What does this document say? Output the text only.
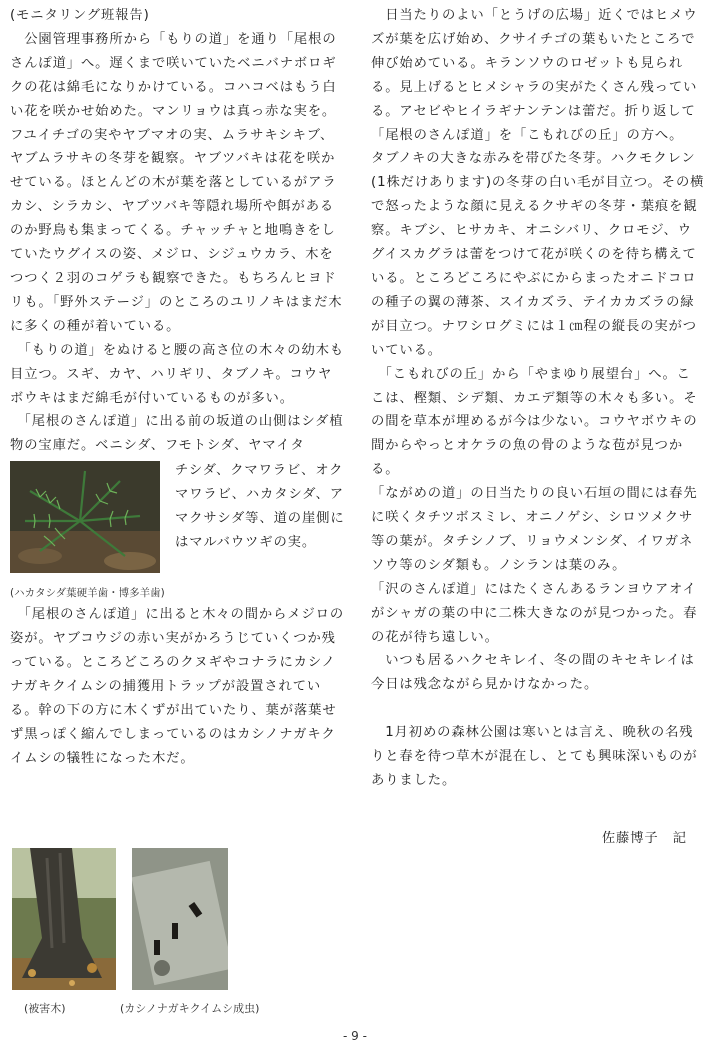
(モニタリング班報告)

　公園管理事務所から「もりの道」を通り「尾根のさんぽ道」へ。遅くまで咲いていたベニバナボロギクの花は綿毛になりかけている。コハコベはもう白い花を咲かせ始めた。マンリョウは真っ赤な実を。

フユイチゴの実やヤブマオの実、ムラサキシキブ、ヤブムラサキの冬芽を観察。ヤブツバキは花を咲かせている。ほとんどの木が葉を落としているがアラカシ、シラカシ、ヤブツバキ等隠れ場所や餌があるのか野鳥も集まってくる。チャッチャと地鳴きをしていたウグイスの姿、メジロ、シジュウカラ、木をつつく２羽のコゲラも観察できた。もちろんヒヨドリも。「野外ステージ」のところのユリノキはまだ木に多くの種が着いている。

　「もりの道」をぬけると腰の高さ位の木々の幼木も目立つ。スギ、カヤ、ハリギリ、タブノキ。コウヤボウキはまだ綿毛が付いているものが多い。

　「尾根のさんぽ道」に出る前の坂道の山側はシダ植物の宝庫だ。ベニシダ、フモトシダ、ヤマイタ

チシダ、クマワラビ、オクマワラビ、ハカタシダ、アマクサシダ等、道の崖側にはマルバウツギの実。

(ハカタシダ葉硬羊歯・博多羊歯)

　「尾根のさんぽ道」に出ると木々の間からメジロの姿が。ヤブコウジの赤い実がかろうじていくつか残っている。ところどころのクヌギやコナラにカシノナガキクイムシの捕獲用トラップが設置されている。幹の下の方に木くずが出ていたり、葉が落葉せず黒っぽく縮んでしまっているのはカシノナガキクイムシの犠牲になった木だ。

(被害木)	(カシノナガキクイムシ成虫)

　日当たりのよい「とうげの広場」近くではヒメウズが葉を広げ始め、クサイチゴの葉もいたところで伸び始めている。キランソウのロゼットも見られる。見上げるとヒメシャラの実がたくさん残っている。アセビやヒイラギナンテンは蕾だ。折り返して「尾根のさんぽ道」を「こもれびの丘」の方へ。

タブノキの大きな赤みを帯びた冬芽。ハクモクレン(1株だけあります)の冬芽の白い毛が目立つ。その横で怒ったような顔に見えるクサギの冬芽・葉痕を観察。キブシ、ヒサカキ、オニシバリ、クロモジ、ウグイスカグラは蕾をつけて花が咲くのを待ち構えている。ところどころにやぶにからまったオニドコロの種子の翼の薄茶、スイカズラ、テイカカズラの緑が目立つ。ナワシログミには１㎝程の縦長の実がついている。

　「こもれびの丘」から「やまゆり展望台」へ。ここは、樫類、シデ類、カエデ類等の木々も多い。その間を草本が埋めるが今は少ない。コウヤボウキの間からやっとオケラの魚の骨のような苞が見つかる。

「ながめの道」の日当たりの良い石垣の間には春先に咲くタチツボスミレ、オニノゲシ、シロツメクサ等の葉が。タチシノブ、リョウメンシダ、イワガネソウ等のシダ類も。ノシランは葉のみ。

「沢のさんぽ道」にはたくさんあるランヨウアオイがシャガの葉の中に二株大きなのが見つかった。春の花が待ち遠しい。

　いつも居るハクセキレイ、冬の間のキセキレイは今日は残念ながら見かけなかった。

　1月初めの森林公園は寒いとは言え、晩秋の名残りと春を待つ草木が混在し、とても興味深いものがありました。

佐藤博子　記

- 9 -
